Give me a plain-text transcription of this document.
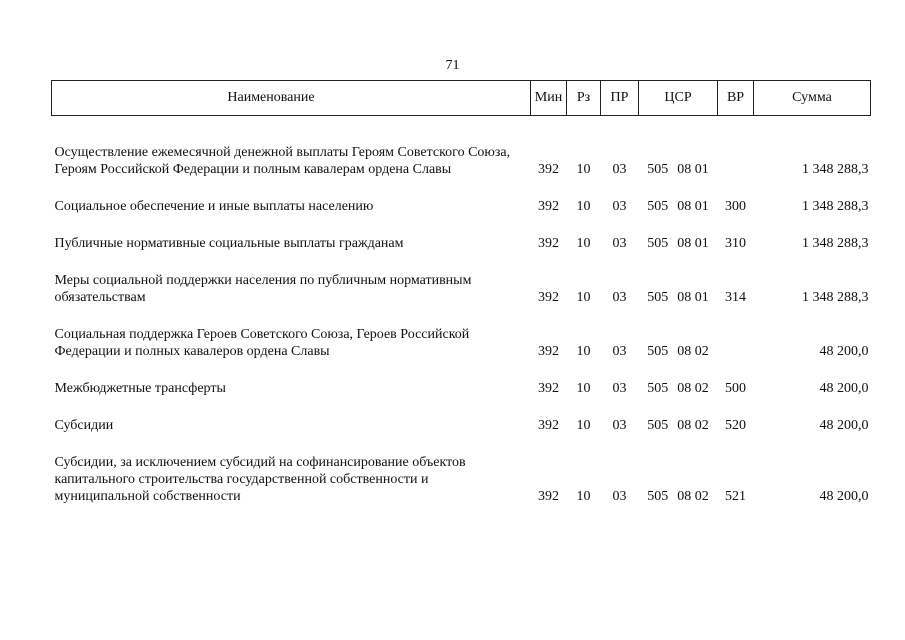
71
Наименование	Мин	Рз	ПР	ЦСР	ВР	Сумма

Осуществление ежемесячной денежной выплаты Героям Советского Союза, Героям Российской Федерации и полным кавалерам ордена Славы	392	10	03	505 08 01		1 348 288,3

Социальное обеспечение и иные выплаты населению	392	10	03	505 08 01	300	1 348 288,3

Публичные нормативные социальные выплаты гражданам	392	10	03	505 08 01	310	1 348 288,3

Меры социальной поддержки населения по публичным нормативным обязательствам	392	10	03	505 08 01	314	1 348 288,3

Социальная поддержка Героев Советского Союза, Героев Российской Федерации и полных кавалеров ордена Славы	392	10	03	505 08 02		48 200,0

Межбюджетные трансферты	392	10	03	505 08 02	500	48 200,0

Субсидии	392	10	03	505 08 02	520	48 200,0

Субсидии, за исключением субсидий на софинансирование объектов капитального строительства государственной собственности и муниципальной собственности	392	10	03	505 08 02	521	48 200,0
